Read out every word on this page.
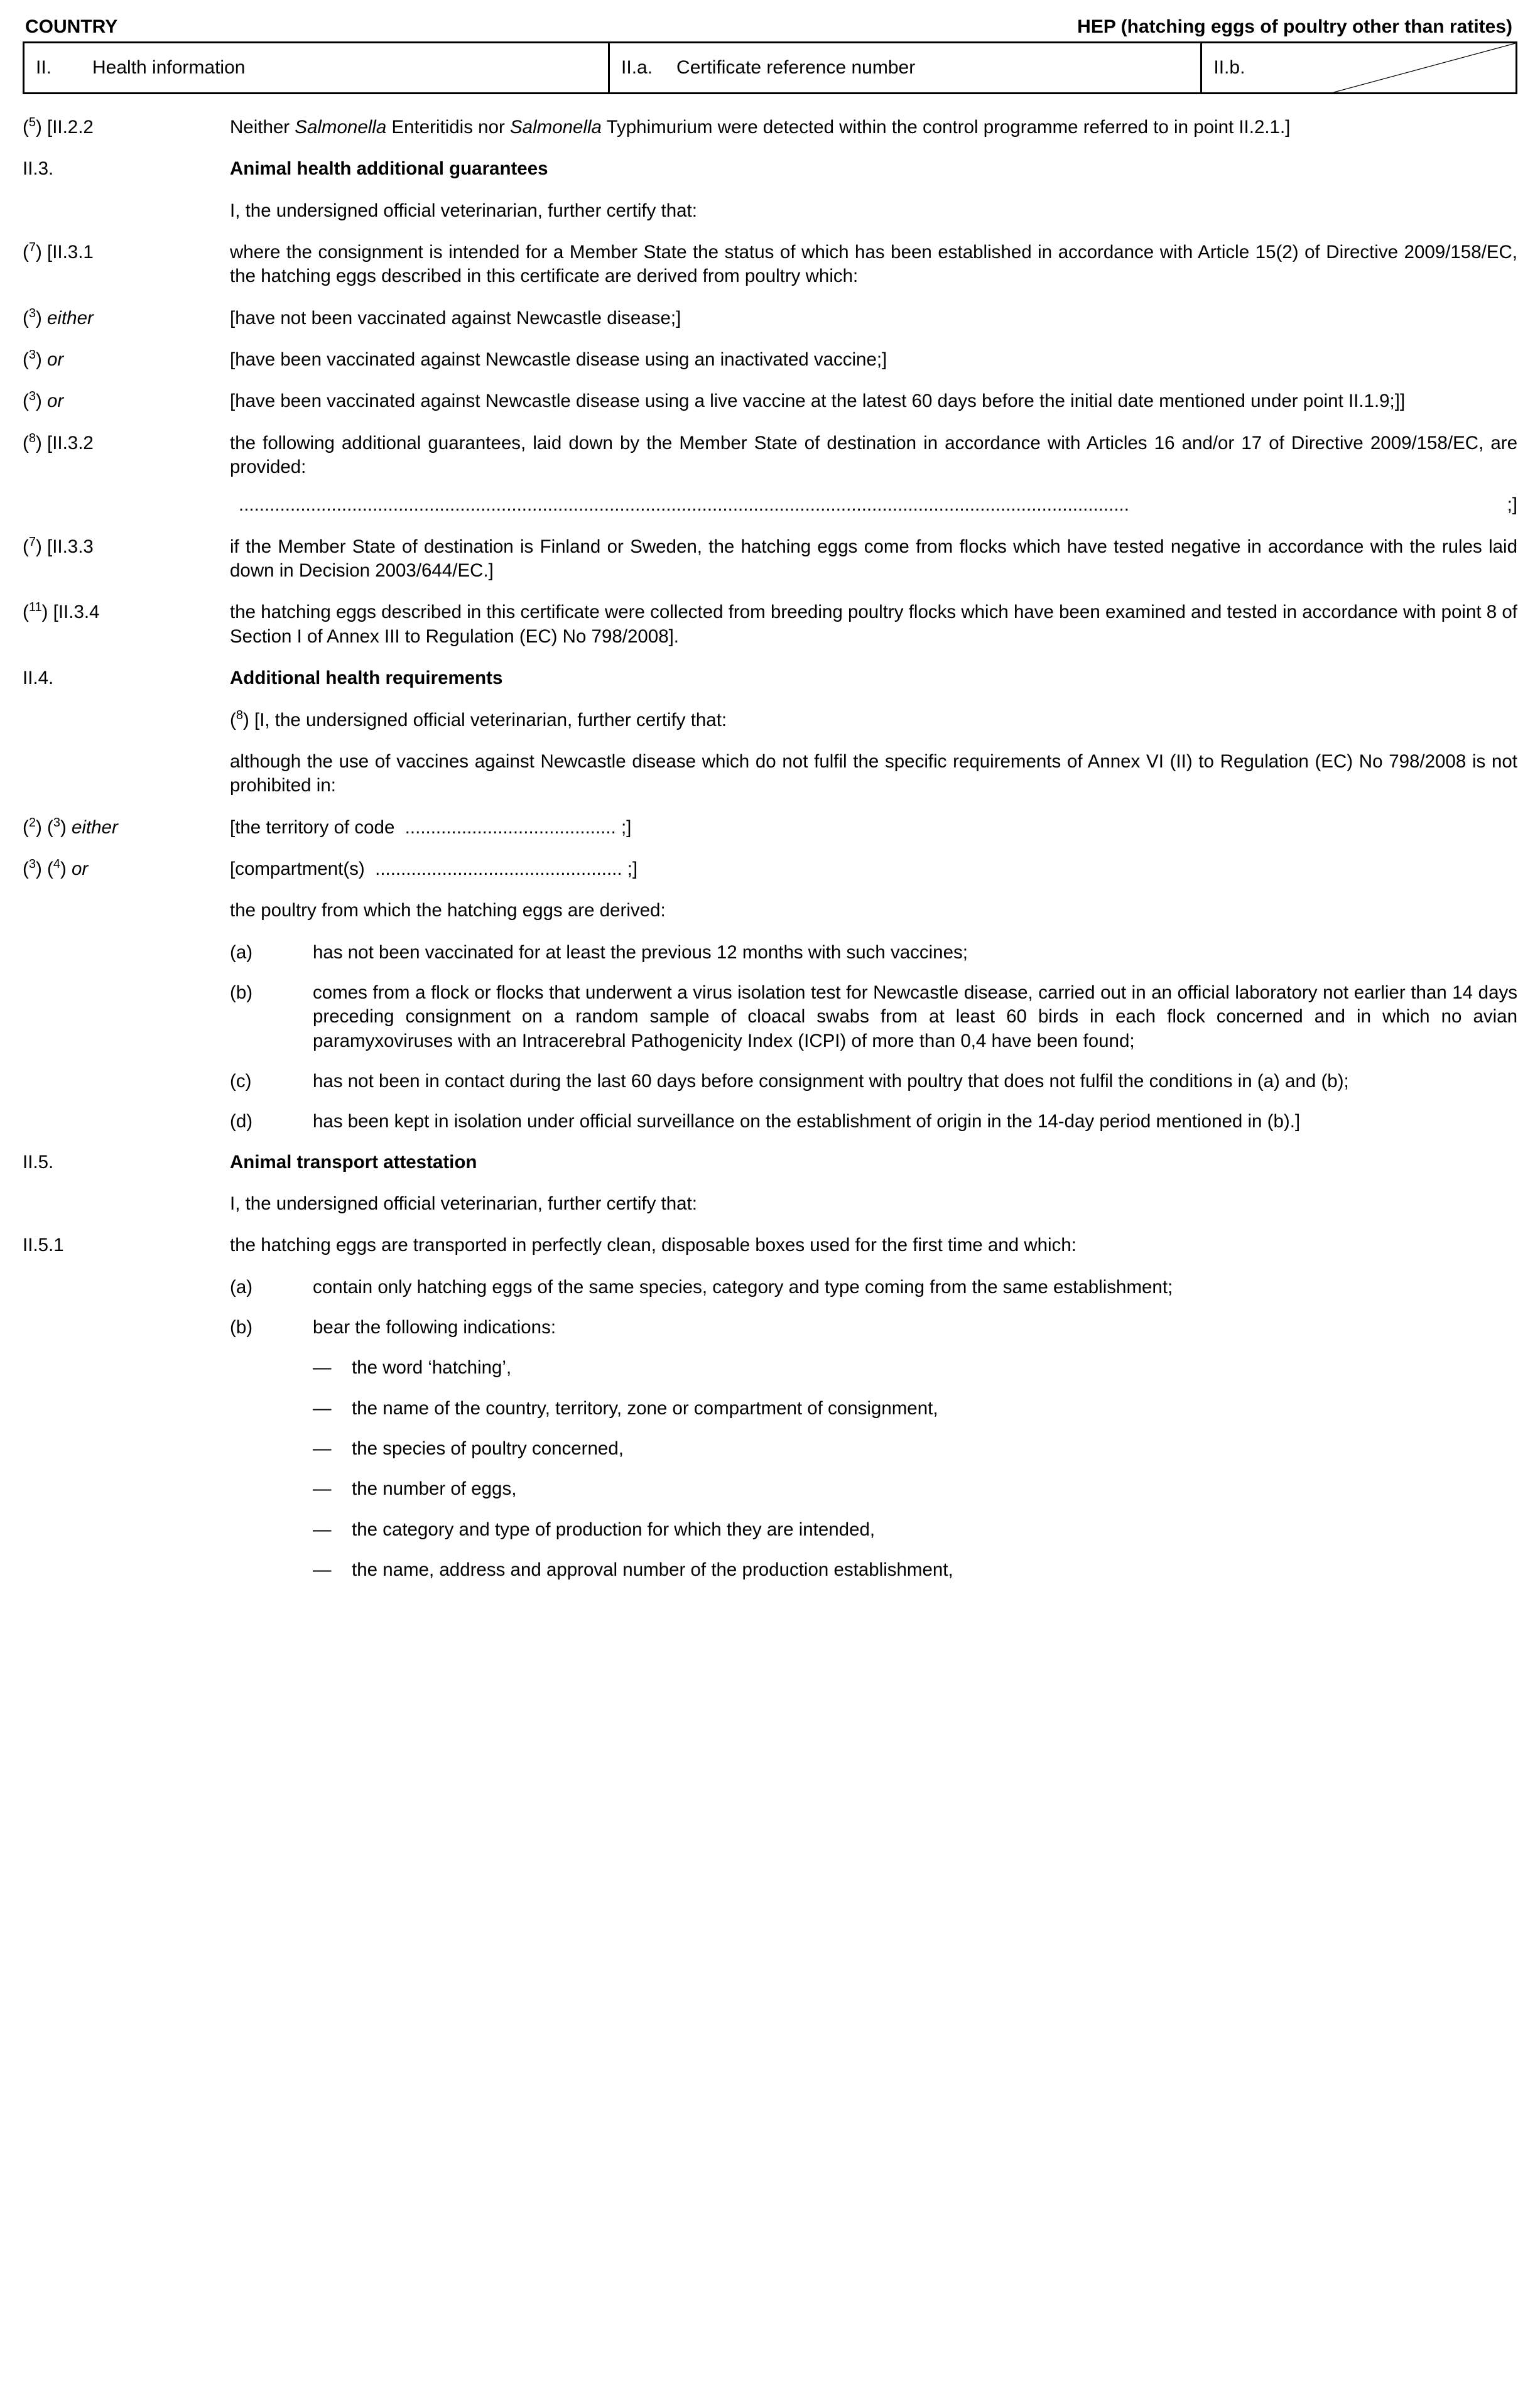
COUNTRY	HEP (hatching eggs of poultry other than ratites)
II. Health information	II.a. Certificate reference number	II.b.
($^5$) [II.2.2	Neither Salmonella Enteritidis nor Salmonella Typhimurium were detected within the control programme referred to in point II.2.1.]
II.3.	Animal health additional guarantees
I, the undersigned official veterinarian, further certify that:
($^7$) [II.3.1	where the consignment is intended for a Member State the status of which has been established in accordance with Article 15(2) of Directive 2009/158/EC, the hatching eggs described in this certificate are derived from poultry which:
($^3$) either	[have not been vaccinated against Newcastle disease;]
($^3$) or	[have been vaccinated against Newcastle disease using an inactivated vaccine;]
($^3$) or	[have been vaccinated against Newcastle disease using a live vaccine at the latest 60 days before the initial date mentioned under point II.1.9;]]
($^8$) [II.3.2	the following additional guarantees, laid down by the Member State of destination in accordance with Articles 16 and/or 17 of Directive 2009/158/EC, are provided:
.............................................................................................................................................................................	;]
($^7$) [II.3.3	if the Member State of destination is Finland or Sweden, the hatching eggs come from flocks which have tested negative in accordance with the rules laid down in Decision 2003/644/EC.]
($^{11}$) [II.3.4	the hatching eggs described in this certificate were collected from breeding poultry flocks which have been examined and tested in accordance with point 8 of Section I of Annex III to Regulation (EC) No 798/2008].
II.4.	Additional health requirements
($^8$) [I, the undersigned official veterinarian, further certify that:
although the use of vaccines against Newcastle disease which do not fulfil the specific requirements of Annex VI (II) to Regulation (EC) No 798/2008 is not prohibited in:
($^2$) ($^3$) either	[the territory of code  ......................................... ;]
($^3$) ($^4$) or	[compartment(s)  ................................................ ;]
the poultry from which the hatching eggs are derived:
(a)	has not been vaccinated for at least the previous 12 months with such vaccines;
(b)	comes from a flock or flocks that underwent a virus isolation test for Newcastle disease, carried out in an official laboratory not earlier than 14 days preceding consignment on a random sample of cloacal swabs from at least 60 birds in each flock concerned and in which no avian paramyxoviruses with an Intracerebral Pathogenicity Index (ICPI) of more than 0,4 have been found;
(c)	has not been in contact during the last 60 days before consignment with poultry that does not fulfil the conditions in (a) and (b);
(d)	has been kept in isolation under official surveillance on the establishment of origin in the 14-day period mentioned in (b).]
II.5.	Animal transport attestation
I, the undersigned official veterinarian, further certify that:
II.5.1	the hatching eggs are transported in perfectly clean, disposable boxes used for the first time and which:
(a)	contain only hatching eggs of the same species, category and type coming from the same establishment;
(b)	bear the following indications:
—	the word ‘hatching’,
—	the name of the country, territory, zone or compartment of consignment,
—	the species of poultry concerned,
—	the number of eggs,
—	the category and type of production for which they are intended,
—	the name, address and approval number of the production establishment,
